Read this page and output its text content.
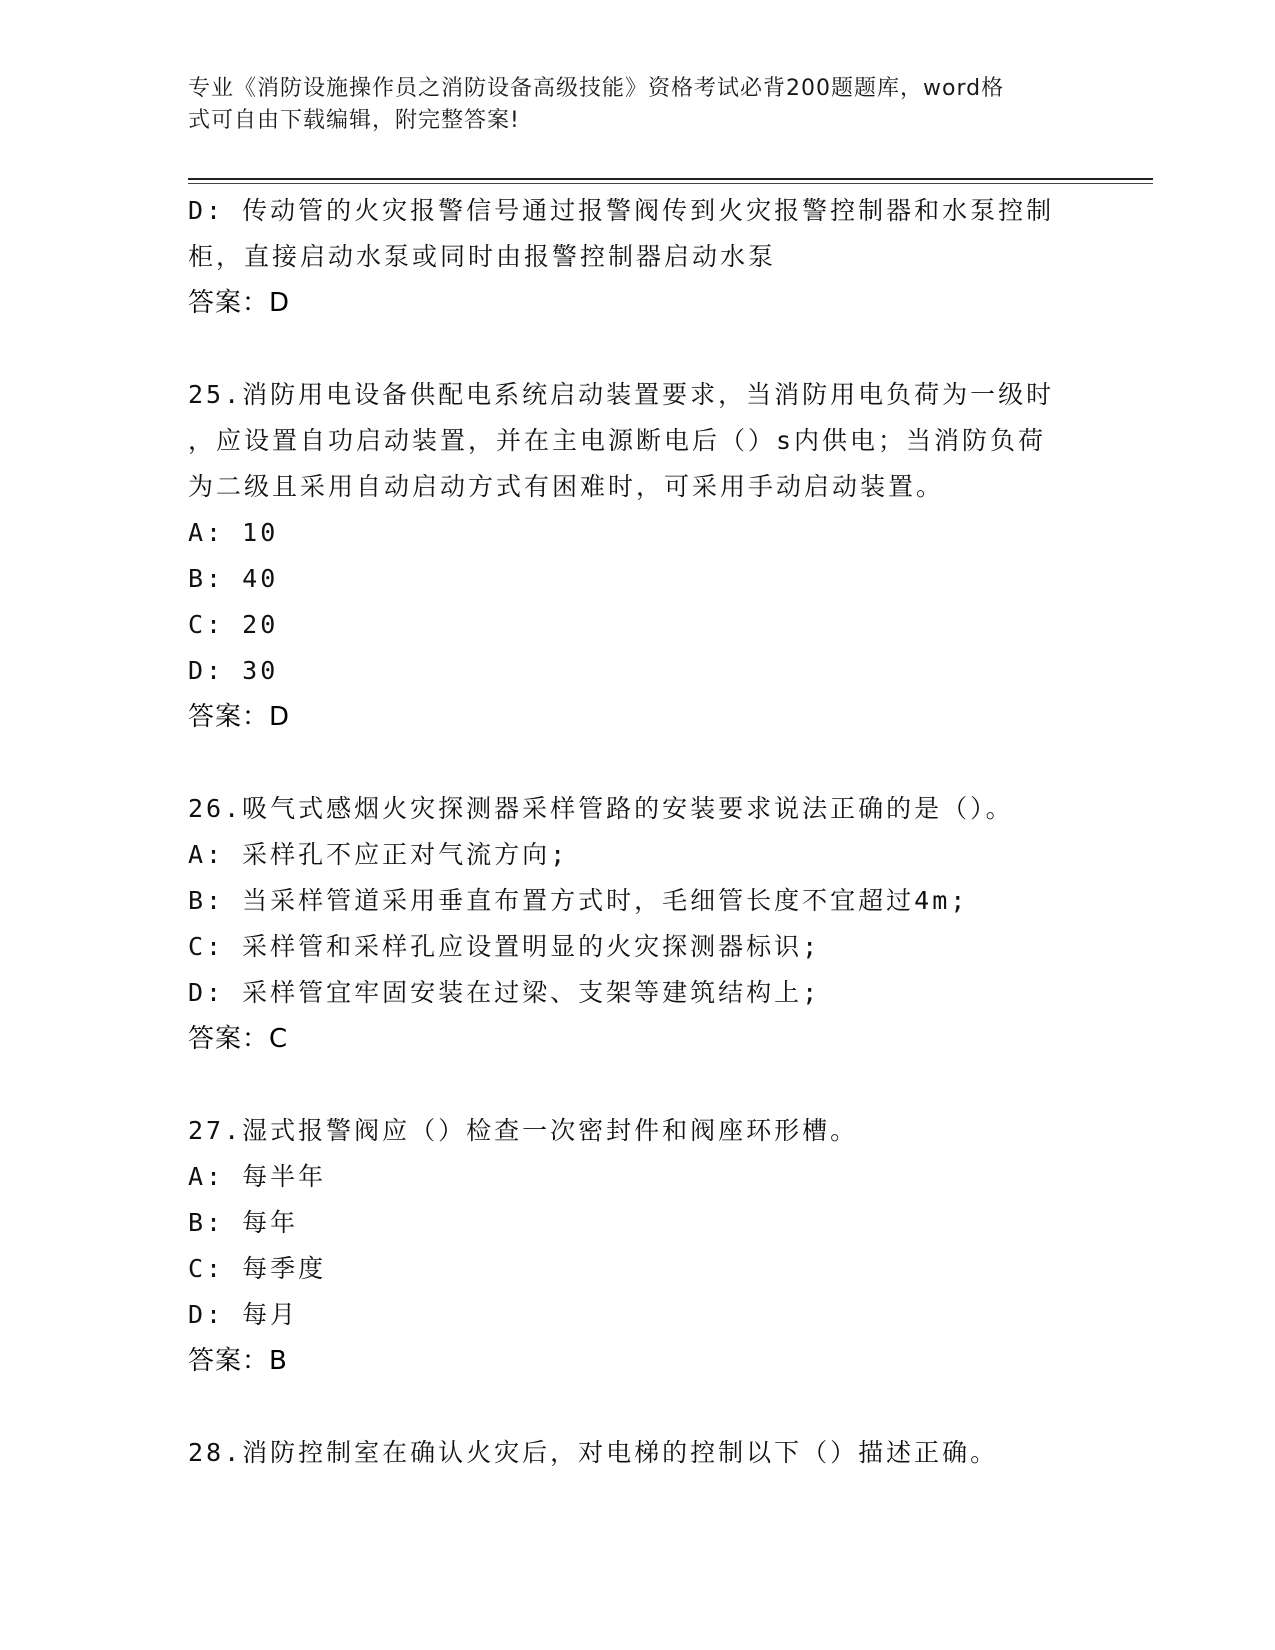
专业《消防设施操作员之消防设备高级技能》资格考试必背200题题库，word格
式可自由下载编辑，附完整答案!
D: 传动管的火灾报警信号通过报警阀传到火灾报警控制器和水泵控制
柜，直接启动水泵或同时由报警控制器启动水泵
答案：D
25.消防用电设备供配电系统启动装置要求，当消防用电负荷为一级时
，应设置自功启动装置，并在主电源断电后（）s内供电；当消防负荷
为二级且采用自动启动方式有困难时，可采用手动启动装置。
A: 10
B: 40
C: 20
D: 30
答案：D
26.吸气式感烟火灾探测器采样管路的安装要求说法正确的是（）。
A: 采样孔不应正对气流方向;
B: 当采样管道采用垂直布置方式时，毛细管长度不宜超过4m;
C: 采样管和采样孔应设置明显的火灾探测器标识;
D: 采样管宜牢固安装在过梁、支架等建筑结构上;
答案：C
27.湿式报警阀应（）检查一次密封件和阀座环形槽。
A: 每半年
B: 每年
C: 每季度
D: 每月
答案：B
28.消防控制室在确认火灾后，对电梯的控制以下（）描述正确。
